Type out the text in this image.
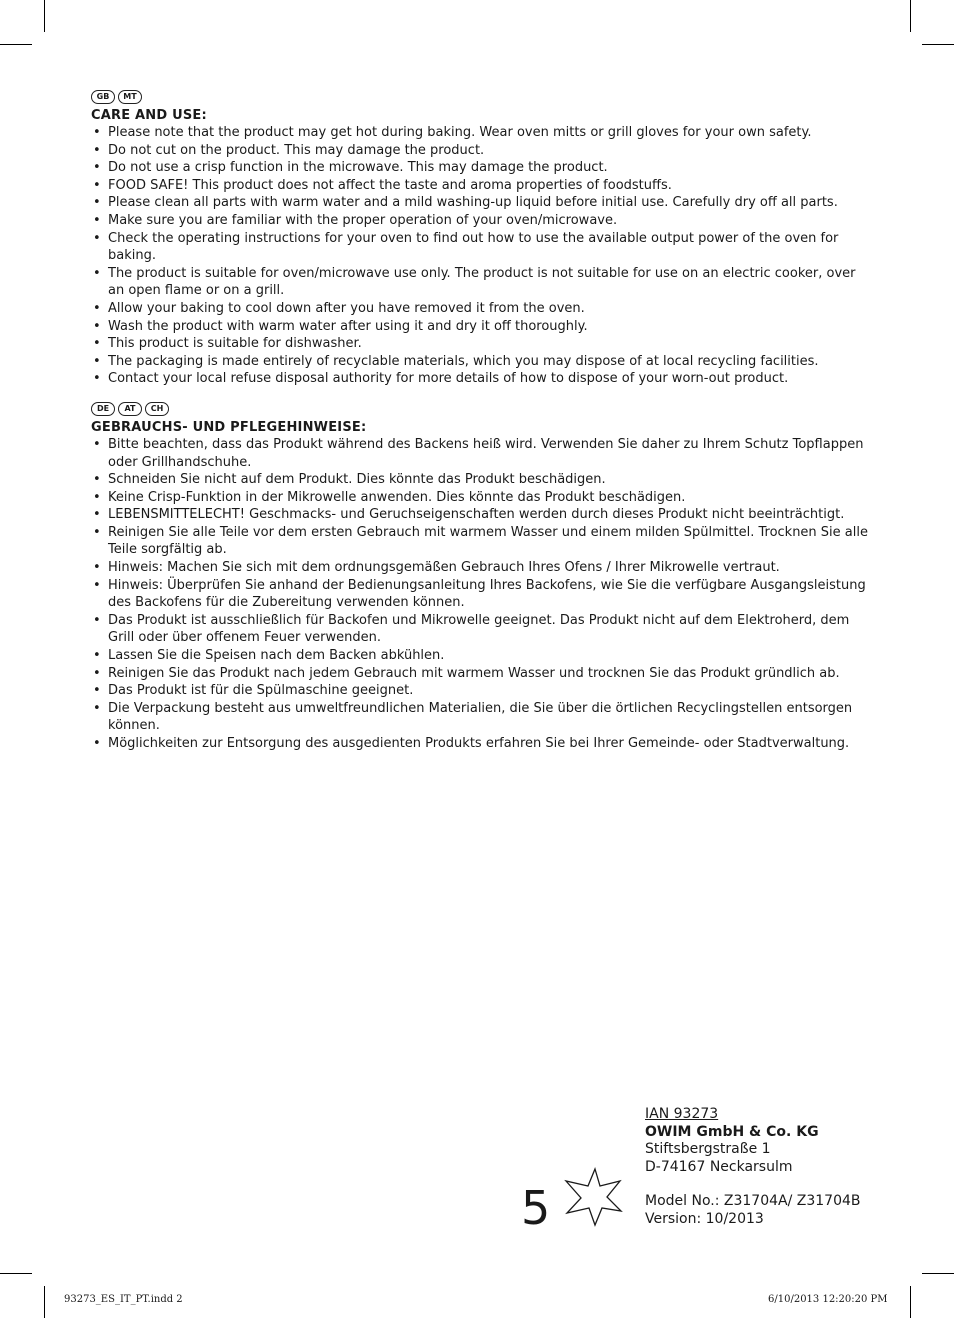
GB	MT
CARE AND USE:
• Please note that the product may get hot during baking. Wear oven mitts or grill gloves for your own safety.
• Do not cut on the product. This may damage the product.
• Do not use a crisp function in the microwave. This may damage the product.
• FOOD SAFE! This product does not affect the taste and aroma properties of foodstuffs.
• Please clean all parts with warm water and a mild washing-up liquid before initial use. Carefully dry off all parts.
• Make sure you are familiar with the proper operation of your oven/microwave.
• Check the operating instructions for your oven to find out how to use the available output power of the oven for baking.
• The product is suitable for oven/microwave use only. The product is not suitable for use on an electric cooker, over an open flame or on a grill.
• Allow your baking to cool down after you have removed it from the oven.
• Wash the product with warm water after using it and dry it off thoroughly.
• This product is suitable for dishwasher.
• The packaging is made entirely of recyclable materials, which you may dispose of at local recycling facilities.
• Contact your local refuse disposal authority for more details of how to dispose of your worn-out product.
DE	AT	CH
GEBRAUCHS- UND PFLEGEHINWEISE:
• Bitte beachten, dass das Produkt während des Backens heiß wird. Verwenden Sie daher zu Ihrem Schutz Topflappen oder Grillhandschuhe.
• Schneiden Sie nicht auf dem Produkt. Dies könnte das Produkt beschädigen.
• Keine Crisp-Funktion in der Mikrowelle anwenden. Dies könnte das Produkt beschädigen.
• LEBENSMITTELECHT! Geschmacks- und Geruchseigenschaften werden durch dieses Produkt nicht beeinträchtigt.
• Reinigen Sie alle Teile vor dem ersten Gebrauch mit warmem Wasser und einem milden Spülmittel. Trocknen Sie alle Teile sorgfältig ab.
• Hinweis: Machen Sie sich mit dem ordnungsgemäßen Gebrauch Ihres Ofens / Ihrer Mikrowelle vertraut.
• Hinweis: Überprüfen Sie anhand der Bedienungsanleitung Ihres Backofens, wie Sie die verfügbare Ausgangsleistung des Backofens für die Zubereitung verwenden können.
• Das Produkt ist ausschließlich für Backofen und Mikrowelle geeignet. Das Produkt nicht auf dem Elektroherd, dem Grill oder über offenem Feuer verwenden.
• Lassen Sie die Speisen nach dem Backen abkühlen.
• Reinigen Sie das Produkt nach jedem Gebrauch mit warmem Wasser und trocknen Sie das Produkt gründlich ab.
• Das Produkt ist für die Spülmaschine geeignet.
• Die Verpackung besteht aus umweltfreundlichen Materialien, die Sie über die örtlichen Recyclingstellen entsorgen können.
• Möglichkeiten zur Entsorgung des ausgedienten Produkts erfahren Sie bei Ihrer Gemeinde- oder Stadtverwaltung.
5
IAN 93273
OWIM GmbH & Co. KG
Stiftsbergstraße 1
D-74167 Neckarsulm
Model No.: Z31704A/ Z31704B
Version: 10/2013
93273_ES_IT_PT.indd 2	6/10/2013 12:20:20 PM
